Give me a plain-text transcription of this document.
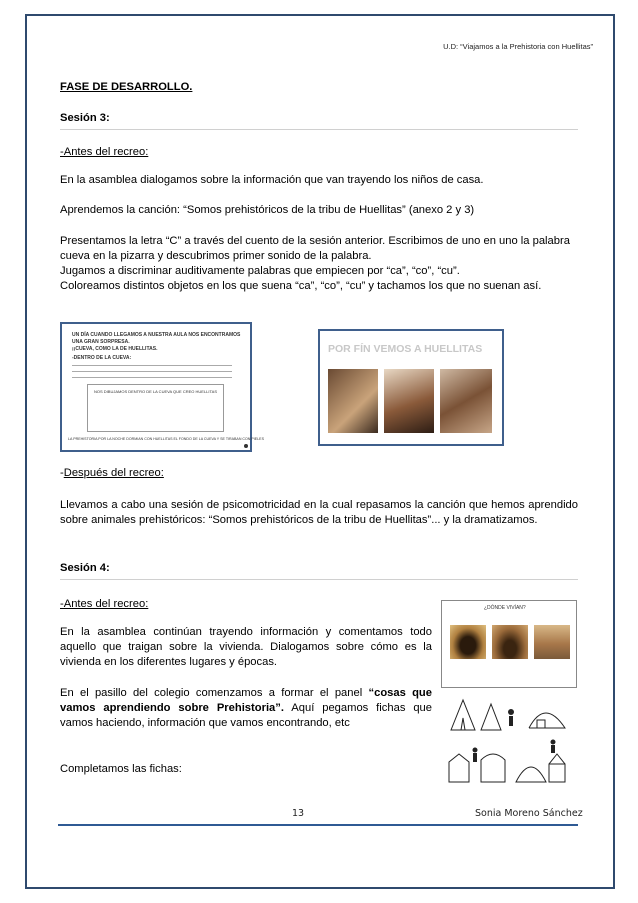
U.D: “Viajamos a la Prehistoria con Huellitas”

FASE DE DESARROLLO.

Sesión 3:

-Antes del recreo:

En la asamblea dialogamos sobre la información que van trayendo los niños de casa.

Aprendemos la canción: “Somos prehistóricos de la tribu de Huellitas” (anexo 2 y 3)

Presentamos la letra “C” a través del cuento de la sesión anterior. Escribimos de uno en uno la palabra cueva en la pizarra y descubrimos primer sonido de la palabra.

Jugamos a discriminar auditivamente palabras que empiecen por “ca”, “co”, “cu”.

Coloreamos distintos objetos en los que suena “ca”, “co”, “cu” y tachamos los que no suenan así.

UN DÍA CUANDO LLEGAMOS A NUESTRA AULA NOS ENCONTRAMOS
UNA GRAN SORPRESA.
¡¡CUEVA, COMO LA DE HUELLITAS.
-DENTRO DE LA CUEVA:
NOS DIBUJAMOS DENTRO DE LA CUEVA QUE CREO HUELLITAS
LA PREHISTORIA POR LA NOCHE DORMIAN CON HUELLITAS EL FONDO DE LA CUEVA Y SE TIRABAN CON PIELES
POR FÍN VEMOS A HUELLITAS

-Después del recreo:

Llevamos a cabo una sesión de psicomotricidad en la cual repasamos la canción que hemos aprendido sobre animales prehistóricos: “Somos prehistóricos de la tribu de Huellitas”... y la dramatizamos.

Sesión 4:

-Antes del recreo:

En la asamblea continúan trayendo información y comentamos todo aquello que traigan sobre la vivienda. Dialogamos sobre cómo es la vivienda en los diferentes lugares y épocas.

En el pasillo del colegio comenzamos a formar el panel “cosas que vamos aprendiendo sobre Prehistoria”. Aquí pegamos fichas que vamos haciendo, información que vamos encontrando, etc

Completamos las fichas:

¿DÓNDE VIVÍAN?
13	Sonia Moreno Sánchez
